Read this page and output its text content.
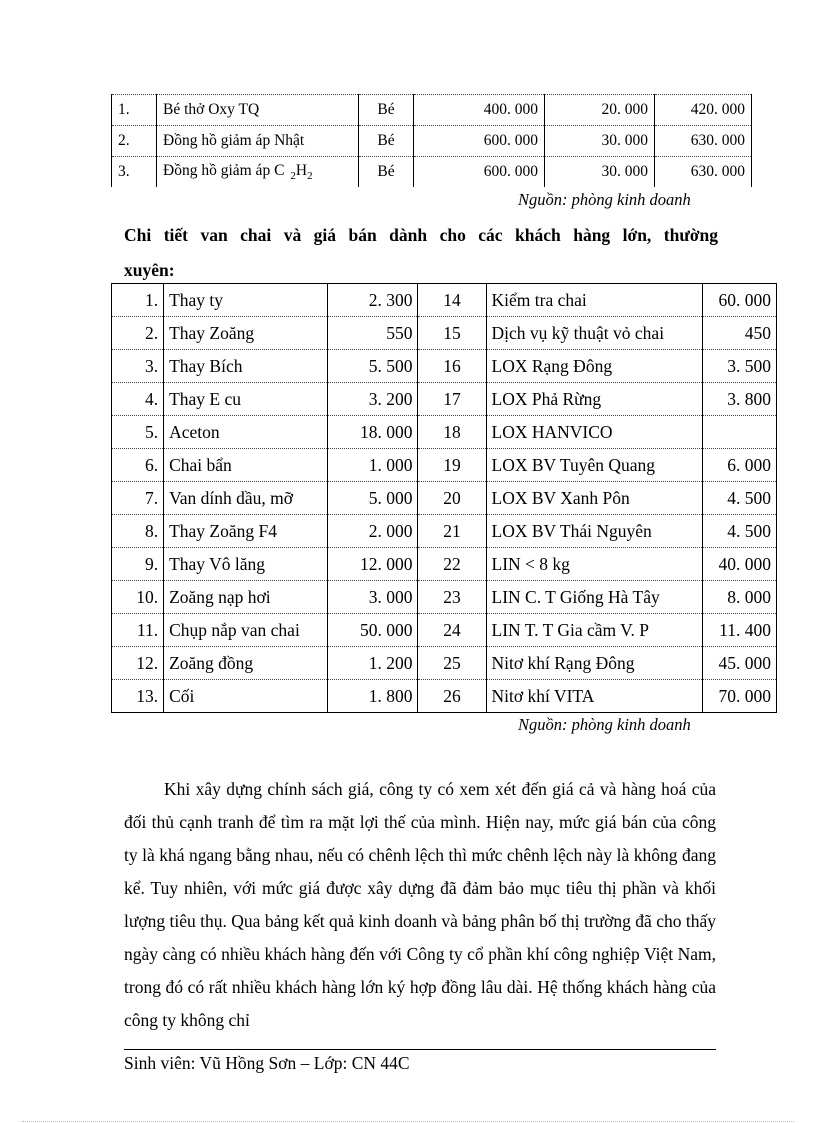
1.	Bé thở Oxy TQ	Bé	400. 000	20. 000	420. 000
2.	Đồng hồ giảm áp Nhật	Bé	600. 000	30. 000	630. 000
3.	Đồng hồ giảm áp C $_2H_2$	Bé	600. 000	30. 000	630. 000
Nguồn: phòng kinh doanh
Chi tiết van chai và giá bán dành cho các khách hàng lớn, thường
xuyên:
1.	Thay ty	2. 300	14	Kiểm tra chai	60. 000
2.	Thay Zoăng	550	15	Dịch vụ kỹ thuật vỏ chai	450
3.	Thay Bích	5. 500	16	LOX Rạng Đông	3. 500
4.	Thay E cu	3. 200	17	LOX Phả Rừng	3. 800
5.	Aceton	18. 000	18	LOX HANVICO	
6.	Chai bẩn	1. 000	19	LOX BV Tuyên Quang	6. 000
7.	Van dính dầu, mỡ	5. 000	20	LOX BV Xanh Pôn	4. 500
8.	Thay Zoăng F4	2. 000	21	LOX BV Thái Nguyên	4. 500
9.	Thay Vô lăng	12. 000	22	LIN < 8 kg	40. 000
10.	Zoăng nạp hơi	3. 000	23	LIN C. T Giống Hà Tây	8. 000
11.	Chụp nắp van chai	50. 000	24	LIN T. T Gia cầm V. P	11. 400
12.	Zoăng đồng	1. 200	25	Nitơ khí Rạng Đông	45. 000
13.	Cối	1. 800	26	Nitơ khí VITA	70. 000
Nguồn: phòng kinh doanh

Khi xây dựng chính sách giá, công ty có xem xét đến giá cả và hàng hoá của đối thủ cạnh tranh để tìm ra mặt lợi thế của mình. Hiện nay, mức giá bán của công ty là khá ngang bằng nhau, nếu có chênh lệch thì mức chênh lệch này là không đang kể. Tuy nhiên, với mức giá được xây dựng đã đảm bảo mục tiêu thị phần và khối lượng tiêu thụ. Qua bảng kết quả kinh doanh và bảng phân bố thị trường đã cho thấy ngày càng có nhiều khách hàng đến với Công ty cổ phần khí công nghiệp Việt Nam, trong đó có rất nhiều khách hàng lớn ký hợp đồng lâu dài. Hệ thống khách hàng của công ty không chỉ

Sinh viên: Vũ Hồng Sơn – Lớp: CN 44C
